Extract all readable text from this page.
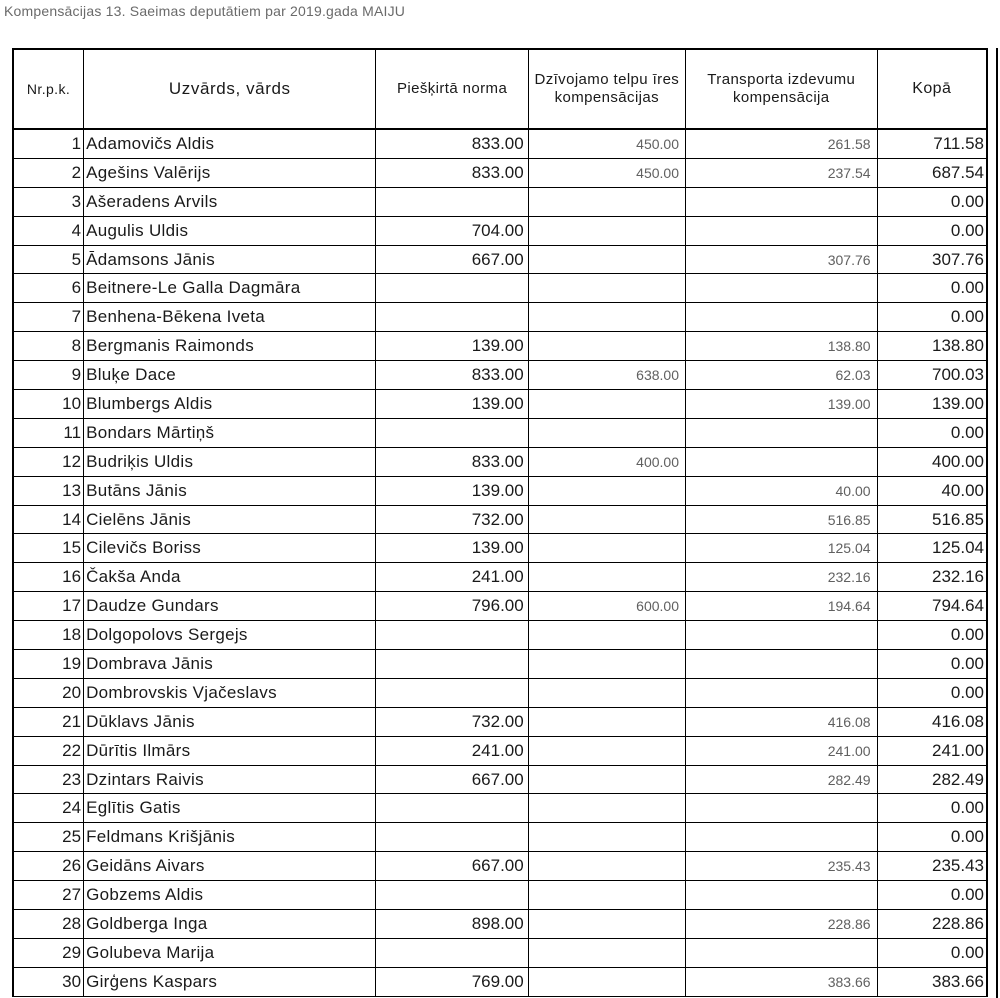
Kompensācijas 13. Saeimas deputātiem par 2019.gada MAIJU
Nr.p.k.	Uzvārds, vārds	Piešķirtā norma	Dzīvojamo telpu īres kompensācijas	Transporta izdevumu kompensācija	Kopā
1	Adamovičs Aldis	833.00	450.00	261.58	711.58
2	Agešins Valērijs	833.00	450.00	237.54	687.54
3	Ašeradens Arvils				0.00
4	Augulis Uldis	704.00			0.00
5	Ādamsons Jānis	667.00		307.76	307.76
6	Beitnere-Le Galla Dagmāra				0.00
7	Benhena-Bēkena Iveta				0.00
8	Bergmanis Raimonds	139.00		138.80	138.80
9	Bluķe Dace	833.00	638.00	62.03	700.03
10	Blumbergs Aldis	139.00		139.00	139.00
11	Bondars Mārtiņš				0.00
12	Budriķis Uldis	833.00	400.00		400.00
13	Butāns Jānis	139.00		40.00	40.00
14	Cielēns Jānis	732.00		516.85	516.85
15	Cilevičs Boriss	139.00		125.04	125.04
16	Čakša Anda	241.00		232.16	232.16
17	Daudze Gundars	796.00	600.00	194.64	794.64
18	Dolgopolovs Sergejs				0.00
19	Dombrava Jānis				0.00
20	Dombrovskis Vjačeslavs				0.00
21	Dūklavs Jānis	732.00		416.08	416.08
22	Dūrītis Ilmārs	241.00		241.00	241.00
23	Dzintars Raivis	667.00		282.49	282.49
24	Eglītis Gatis				0.00
25	Feldmans Krišjānis				0.00
26	Geidāns Aivars	667.00		235.43	235.43
27	Gobzems Aldis				0.00
28	Goldberga Inga	898.00		228.86	228.86
29	Golubeva Marija				0.00
30	Girģens Kaspars	769.00		383.66	383.66
